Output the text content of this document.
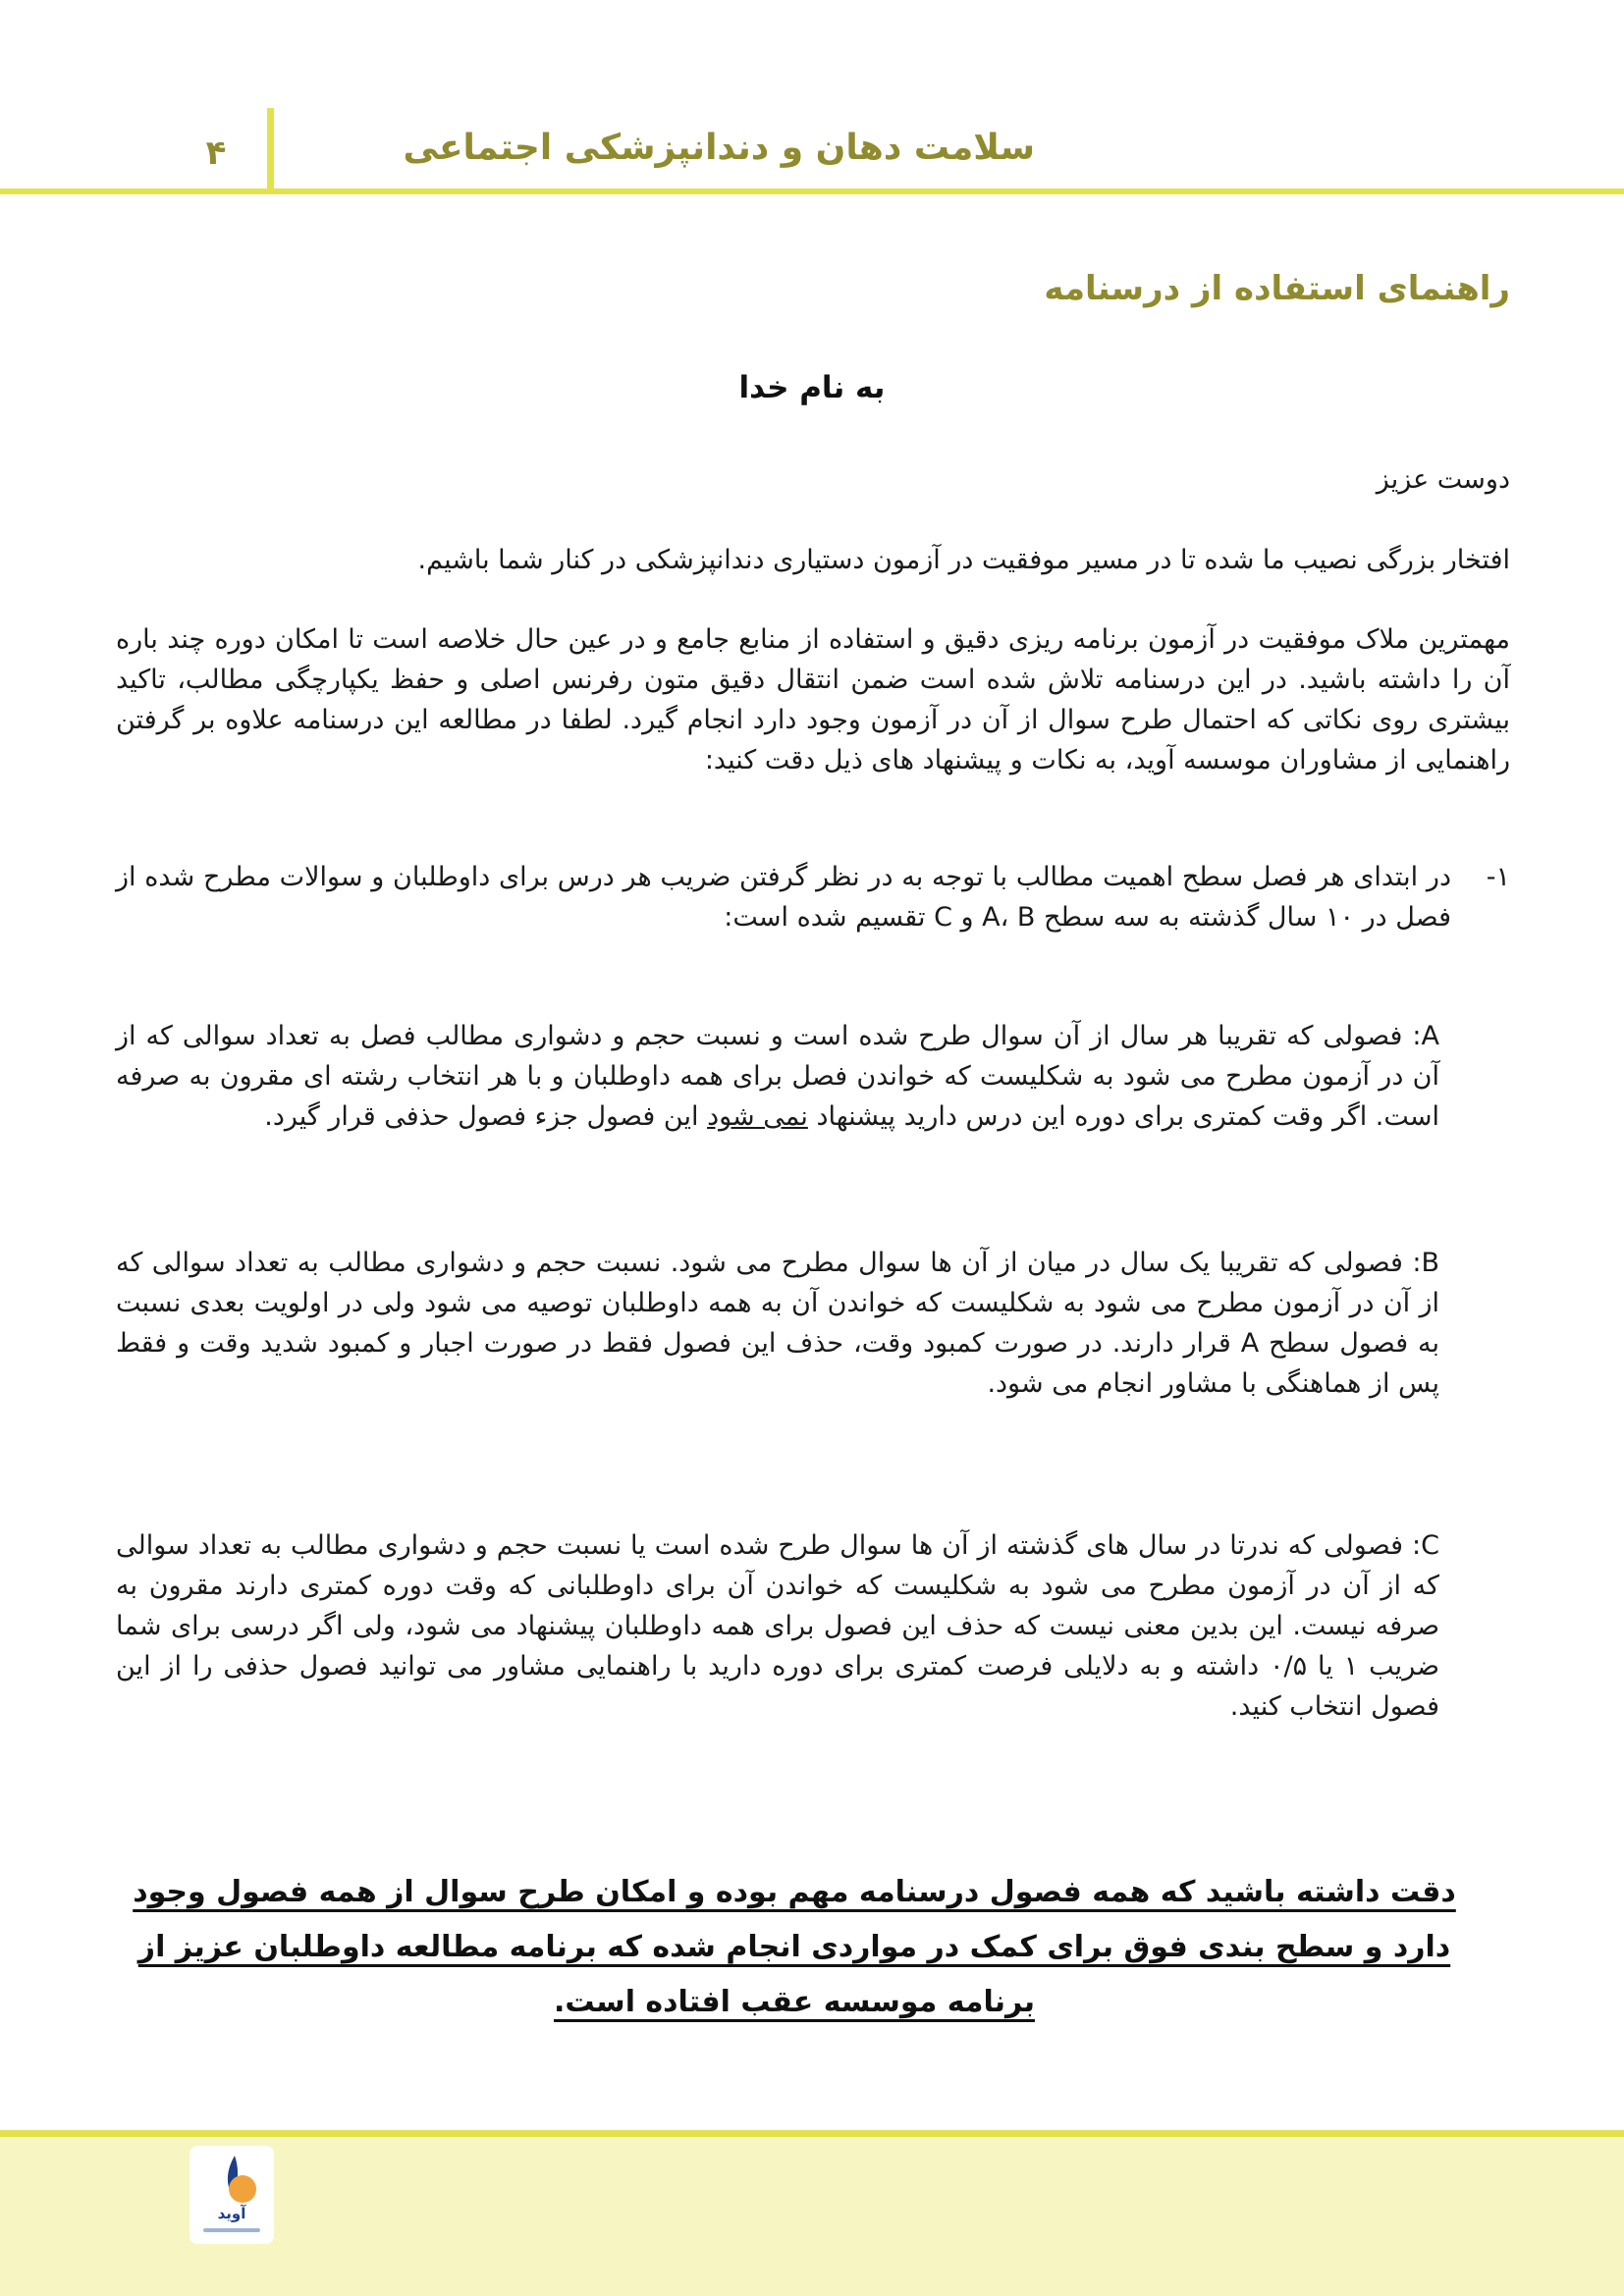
۴	سلامت دهان و دندانپزشکی اجتماعی
راهنمای استفاده از درسنامه
به نام خدا

دوست عزیز

افتخار بزرگی نصیب ما شده تا در مسیر موفقیت در آزمون دستیاری دندانپزشکی در کنار شما باشیم.

مهمترین ملاک موفقیت در آزمون برنامه ریزی دقیق و استفاده از منابع جامع و در عین حال خلاصه است تا امکان دوره چند باره آن را داشته باشید. در این درسنامه تلاش شده است ضمن انتقال دقیق متون رفرنس اصلی و حفظ یکپارچگی مطالب، تاکید بیشتری روی نکاتی که احتمال طرح سوال از آن در آزمون وجود دارد انجام گیرد. لطفا در مطالعه این درسنامه علاوه بر گرفتن راهنمایی از مشاوران موسسه آوید، به نکات و پیشنهاد های ذیل دقت کنید:

۱-
در ابتدای هر فصل سطح اهمیت مطالب با توجه به در نظر گرفتن ضریب هر درس برای داوطلبان و سوالات مطرح شده از فصل در ۱۰ سال گذشته به سه سطح A، B و C تقسیم شده است:

A: فصولی که تقریبا هر سال از آن سوال طرح شده است و نسبت حجم و دشواری مطالب فصل به تعداد سوالی که از آن در آزمون مطرح می شود به شکلیست که خواندن فصل برای همه داوطلبان و با هر انتخاب رشته ای مقرون به صرفه است. اگر وقت کمتری برای دوره این درس دارید پیشنهاد نمی شود این فصول جزء فصول حذفی قرار گیرد.

B: فصولی که تقریبا یک سال در میان از آن ها سوال مطرح می شود. نسبت حجم و دشواری مطالب به تعداد سوالی که از آن در آزمون مطرح می شود به شکلیست که خواندن آن به همه داوطلبان توصیه می شود ولی در اولویت بعدی نسبت به فصول سطح A قرار دارند. در صورت کمبود وقت، حذف این فصول فقط در صورت اجبار و کمبود شدید وقت و فقط پس از هماهنگی با مشاور انجام می شود.

C: فصولی که ندرتا در سال های گذشته از آن ها سوال طرح شده است یا نسبت حجم و دشواری مطالب به تعداد سوالی که از آن در آزمون مطرح می شود به شکلیست که خواندن آن برای داوطلبانی که وقت دوره کمتری دارند مقرون به صرفه نیست. این بدین معنی نیست که حذف این فصول برای همه داوطلبان پیشنهاد می شود، ولی اگر درسی برای شما ضریب ۱ یا ۰/۵ داشته و به دلایلی فرصت کمتری برای دوره دارید با راهنمایی مشاور می توانید فصول حذفی را از این فصول انتخاب کنید.

دقت داشته باشید که همه فصول درسنامه مهم بوده و امکان طرح سوال از همه فصول وجود دارد و سطح بندی فوق برای کمک در مواردی انجام شده که برنامه مطالعه داوطلبان عزیز از برنامه موسسه عقب افتاده است.
آوید
